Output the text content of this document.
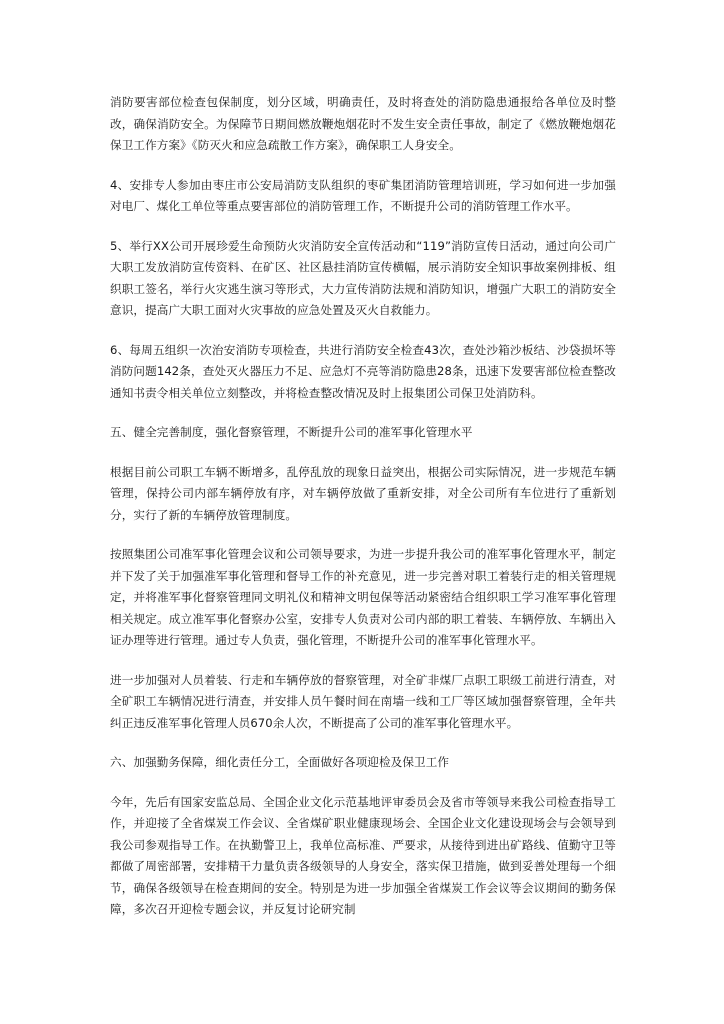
消防要害部位检查包保制度，划分区域，明确责任，及时将查处的消防隐患通报给各单位及时整改，确保消防安全。为保障节日期间燃放鞭炮烟花时不发生安全责任事故，制定了《燃放鞭炮烟花保卫工作方案》《防灭火和应急疏散工作方案》，确保职工人身安全。

4、安排专人参加由枣庄市公安局消防支队组织的枣矿集团消防管理培训班，学习如何进一步加强对电厂、煤化工单位等重点要害部位的消防管理工作，不断提升公司的消防管理工作水平。

5、举行XX公司开展珍爱生命预防火灾消防安全宣传活动和“119”消防宣传日活动，通过向公司广大职工发放消防宣传资料、在矿区、社区悬挂消防宣传横幅，展示消防安全知识事故案例排板、组织职工签名，举行火灾逃生演习等形式，大力宣传消防法规和消防知识，增强广大职工的消防安全意识，提高广大职工面对火灾事故的应急处置及灭火自救能力。

6、每周五组织一次治安消防专项检查，共进行消防安全检查43次，查处沙箱沙板结、沙袋损坏等消防问题142条，查处灭火器压力不足、应急灯不亮等消防隐患28条，迅速下发要害部位检查整改通知书责令相关单位立刻整改，并将检查整改情况及时上报集团公司保卫处消防科。

五、健全完善制度，强化督察管理，不断提升公司的准军事化管理水平

根据目前公司职工车辆不断增多，乱停乱放的现象日益突出，根据公司实际情况，进一步规范车辆管理，保持公司内部车辆停放有序，对车辆停放做了重新安排，对全公司所有车位进行了重新划分，实行了新的车辆停放管理制度。

按照集团公司准军事化管理会议和公司领导要求，为进一步提升我公司的准军事化管理水平，制定并下发了关于加强准军事化管理和督导工作的补充意见，进一步完善对职工着装行走的相关管理规定，并将准军事化督察管理同文明礼仪和精神文明包保等活动紧密结合组织职工学习准军事化管理相关规定。成立准军事化督察办公室，安排专人负责对公司内部的职工着装、车辆停放、车辆出入证办理等进行管理。通过专人负责，强化管理，不断提升公司的准军事化管理水平。

进一步加强对人员着装、行走和车辆停放的督察管理，对全矿非煤厂点职工职级工前进行清查，对全矿职工车辆情况进行清查，并安排人员午餐时间在南墙一线和工厂等区域加强督察管理，全年共纠正违反准军事化管理人员670余人次，不断提高了公司的准军事化管理水平。

六、加强勤务保障，细化责任分工，全面做好各项迎检及保卫工作

今年，先后有国家安监总局、全国企业文化示范基地评审委员会及省市等领导来我公司检查指导工作，并迎接了全省煤炭工作会议、全省煤矿职业健康现场会、全国企业文化建设现场会与会领导到我公司参观指导工作。在执勤警卫上，我单位高标准、严要求，从接待到进出矿路线、值勤守卫等都做了周密部署，安排精干力量负责各级领导的人身安全，落实保卫措施，做到妥善处理每一个细节，确保各级领导在检查期间的安全。特别是为进一步加强全省煤炭工作会议等会议期间的勤务保障，多次召开迎检专题会议，并反复讨论研究制
